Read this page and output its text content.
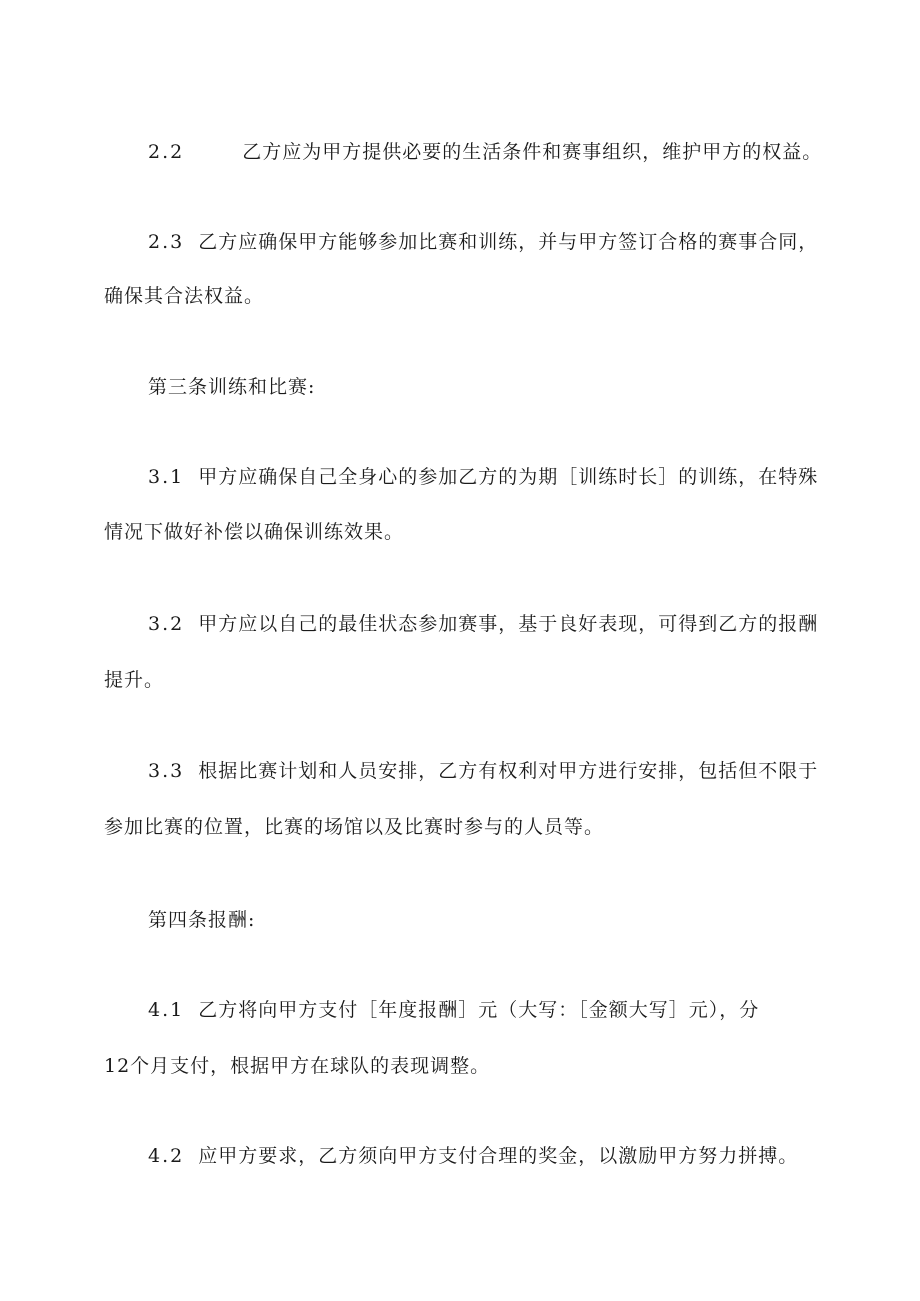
2.2	乙方应为甲方提供必要的生活条件和赛事组织，维护甲方的权益。
2.3 乙方应确保甲方能够参加比赛和训练，并与甲方签订合格的赛事合同，
确保其合法权益。
第三条训练和比赛:
3.1 甲方应确保自己全身心的参加乙方的为期［训练时长］的训练，在特殊
情况下做好补偿以确保训练效果。
3.2 甲方应以自己的最佳状态参加赛事，基于良好表现，可得到乙方的报酬
提升。
3.3 根据比赛计划和人员安排，乙方有权利对甲方进行安排，包括但不限于
参加比赛的位置，比赛的场馆以及比赛时参与的人员等。
第四条报酬:
4.1 乙方将向甲方支付［年度报酬］元（大写：［金额大写］元），分
12个月支付，根据甲方在球队的表现调整。
4.2 应甲方要求，乙方须向甲方支付合理的奖金，以激励甲方努力拼搏。
